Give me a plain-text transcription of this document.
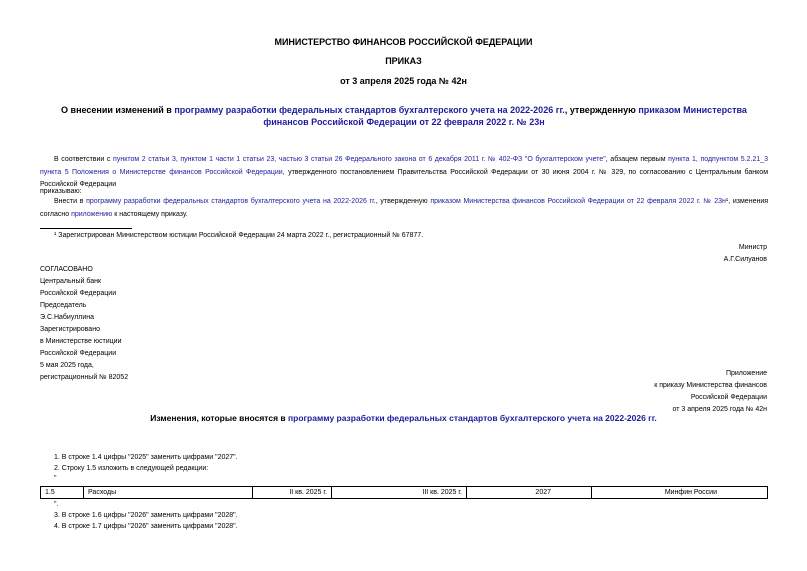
МИНИСТЕРСТВО ФИНАНСОВ РОССИЙСКОЙ ФЕДЕРАЦИИ
ПРИКАЗ
от 3 апреля 2025 года № 42н
О внесении изменений в программу разработки федеральных стандартов бухгалтерского учета на 2022-2026 гг., утвержденную приказом Министерства финансов Российской Федерации от 22 февраля 2022 г. № 23н
В соответствии с пунктом 2 статьи 3, пунктом 1 части 1 статьи 23, частью 3 статьи 26 Федерального закона от 6 декабря 2011 г. № 402-ФЗ "О бухгалтерском учете", абзацем первым пункта 1, подпунктом 5.2.21_3 пункта 5 Положения о Министерстве финансов Российской Федерации, утвержденного постановлением Правительства Российской Федерации от 30 июня 2004 г. № 329, по согласованию с Центральным банком Российской Федерации
приказываю:
Внести в программу разработки федеральных стандартов бухгалтерского учета на 2022-2026 гг., утвержденную приказом Министерства финансов Российской Федерации от 22 февраля 2022 г. № 23н¹, изменения согласно приложению к настоящему приказу.
¹ Зарегистрирован Министерством юстиции Российской Федерации 24 марта 2022 г., регистрационный № 67877.
Министр
А.Г.Силуанов
СОГЛАСОВАНО
Центральный банк
Российской Федерации
Председатель
Э.С.Набиуллина
Зарегистрировано
в Министерстве юстиции
Российской Федерации
5 мая 2025 года,
регистрационный № 82052
Приложение
к приказу Министерства финансов
Российской Федерации
от 3 апреля 2025 года № 42н
Изменения, которые вносятся в программу разработки федеральных стандартов бухгалтерского учета на 2022-2026 гг.
1. В строке 1.4 цифры "2025" заменить цифрами "2027".
2. Строку 1.5 изложить в следующей редакции:
"
1.5	Расходы	II кв. 2025 г.	III кв. 2025 г.	2027	Минфин России
".
3. В строке 1.6 цифры "2026" заменить цифрами "2028".
4. В строке 1.7 цифры "2026" заменить цифрами "2028".
